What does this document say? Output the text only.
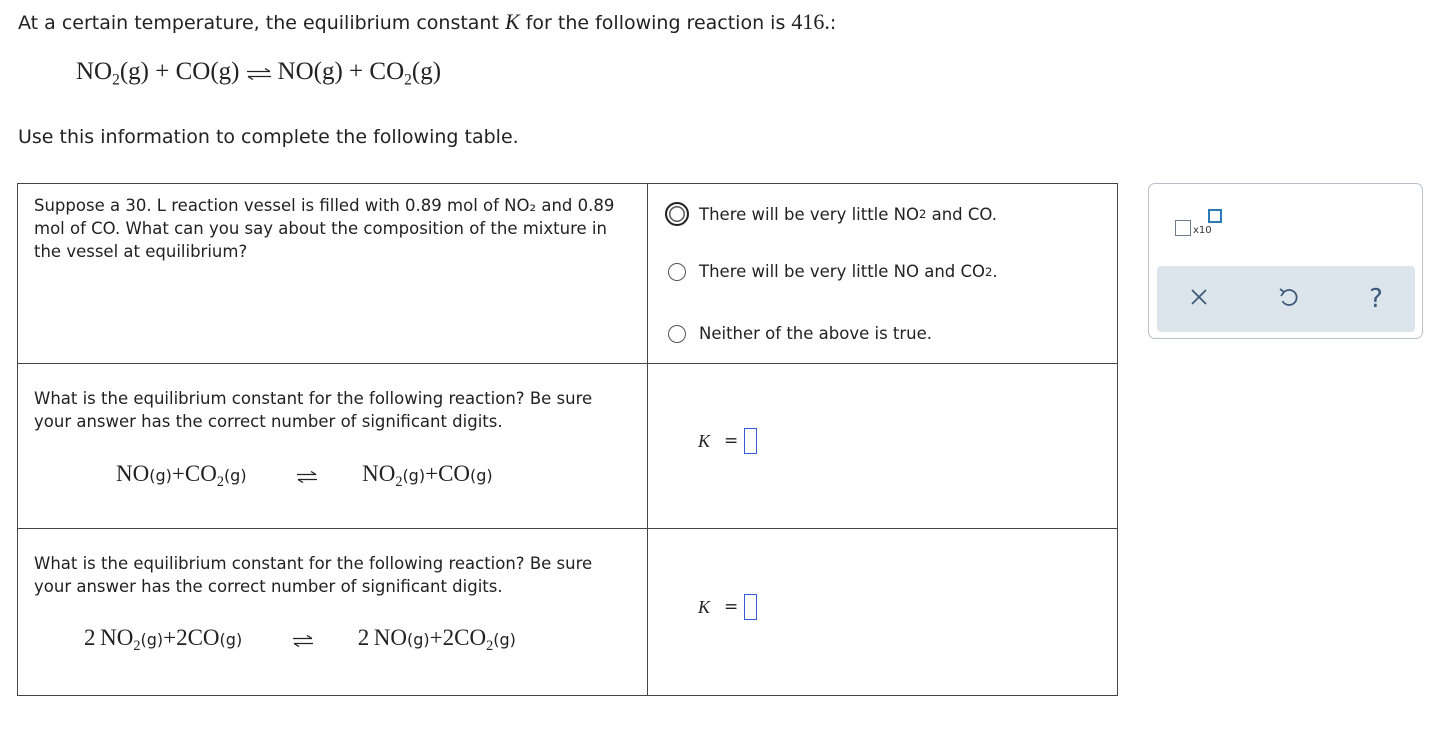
At a certain temperature, the equilibrium constant K for the following reaction is 416.:
$NO_2(g) + CO(g)$ ⇌ $NO(g) + CO_2(g)$
Use this information to complete the following table.
Suppose a 30. L reaction vessel is filled with 0.89 mol of NO₂ and 0.89 mol of CO. What can you say about the composition of the mixture in the vessel at equilibrium?
There will be very little NO 2 and CO.
There will be very little NO and CO 2 .
Neither of the above is true.
What is the equilibrium constant for the following reaction? Be sure your answer has the correct number of significant digits.
$NO(g)+CO_2(g)$	$NO_2(g)+CO(g)$
K =
What is the equilibrium constant for the following reaction? Be sure your answer has the correct number of significant digits.
2  $NO_2(g)+2CO(g)$	2  $NO(g)+2CO_2(g)$
K =
x10
?
